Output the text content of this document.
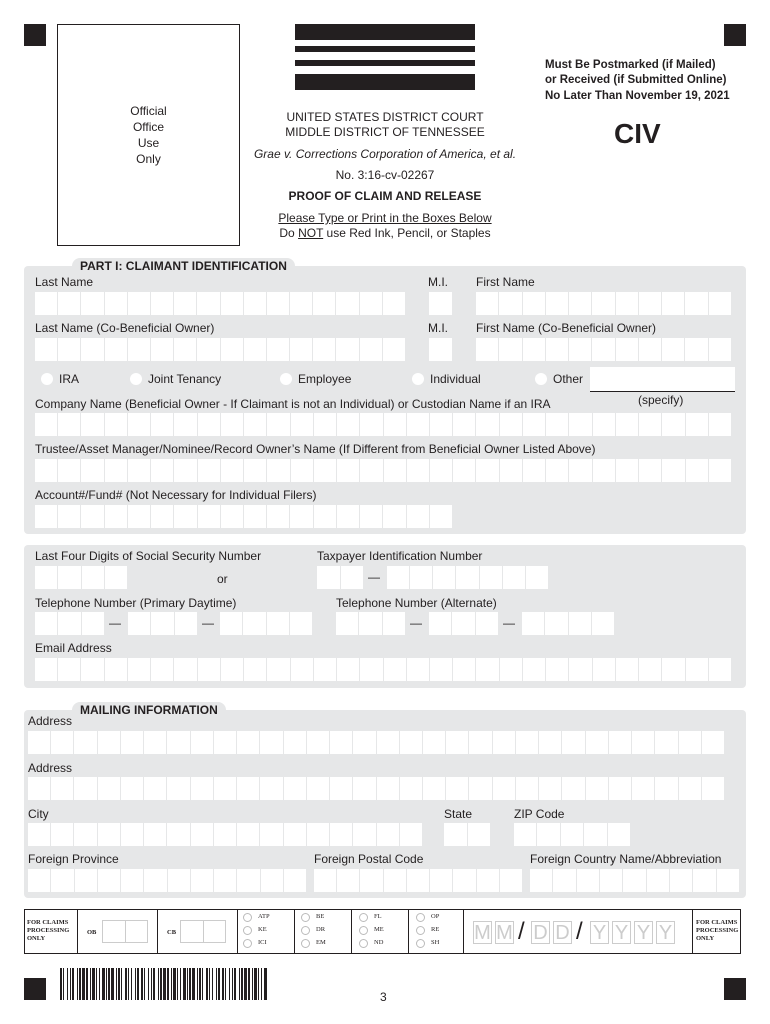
Official
Office
Use
Only
UNITED STATES DISTRICT COURT
MIDDLE DISTRICT OF TENNESSEE
Grae v. Corrections Corporation of America, et al.
No. 3:16-cv-02267
PROOF OF CLAIM AND RELEASE
Please Type or Print in the Boxes Below
Do NOT use Red Ink, Pencil, or Staples
Must Be Postmarked (if Mailed)
or Received (if Submitted Online)
No Later Than November 19, 2021
CIV
PART I: CLAIMANT IDENTIFICATION
Last Name	M.I. First Name
Last Name (Co-Beneficial Owner)	M.I. First Name (Co-Beneficial Owner)
IRA	Joint Tenancy	Employee	Individual	Other
(specify)
Company Name (Beneficial Owner - If Claimant is not an Individual) or Custodian Name if an IRA
Trustee/Asset Manager/Nominee/Record Owner’s Name (If Different from Beneficial Owner Listed Above)
Account#/Fund# (Not Necessary for Individual Filers)
Last Four Digits of Social Security Number	Taxpayer Identification Number
or	—
Telephone Number (Primary Daytime)	Telephone Number (Alternate)
—	—	—	—
Email Address
MAILING INFORMATION
Address
Address
City	State	ZIP Code
Foreign Province	Foreign Postal Code	Foreign Country Name/Abbreviation
FOR CLAIMS
PROCESSING
ONLY
OB	CB
ATP
KE
ICI
BE
DR
EM
FL
ME
ND
OP
RE
SH M M / D D / Y Y Y Y	FOR CLAIMS
PROCESSING
ONLY
3
